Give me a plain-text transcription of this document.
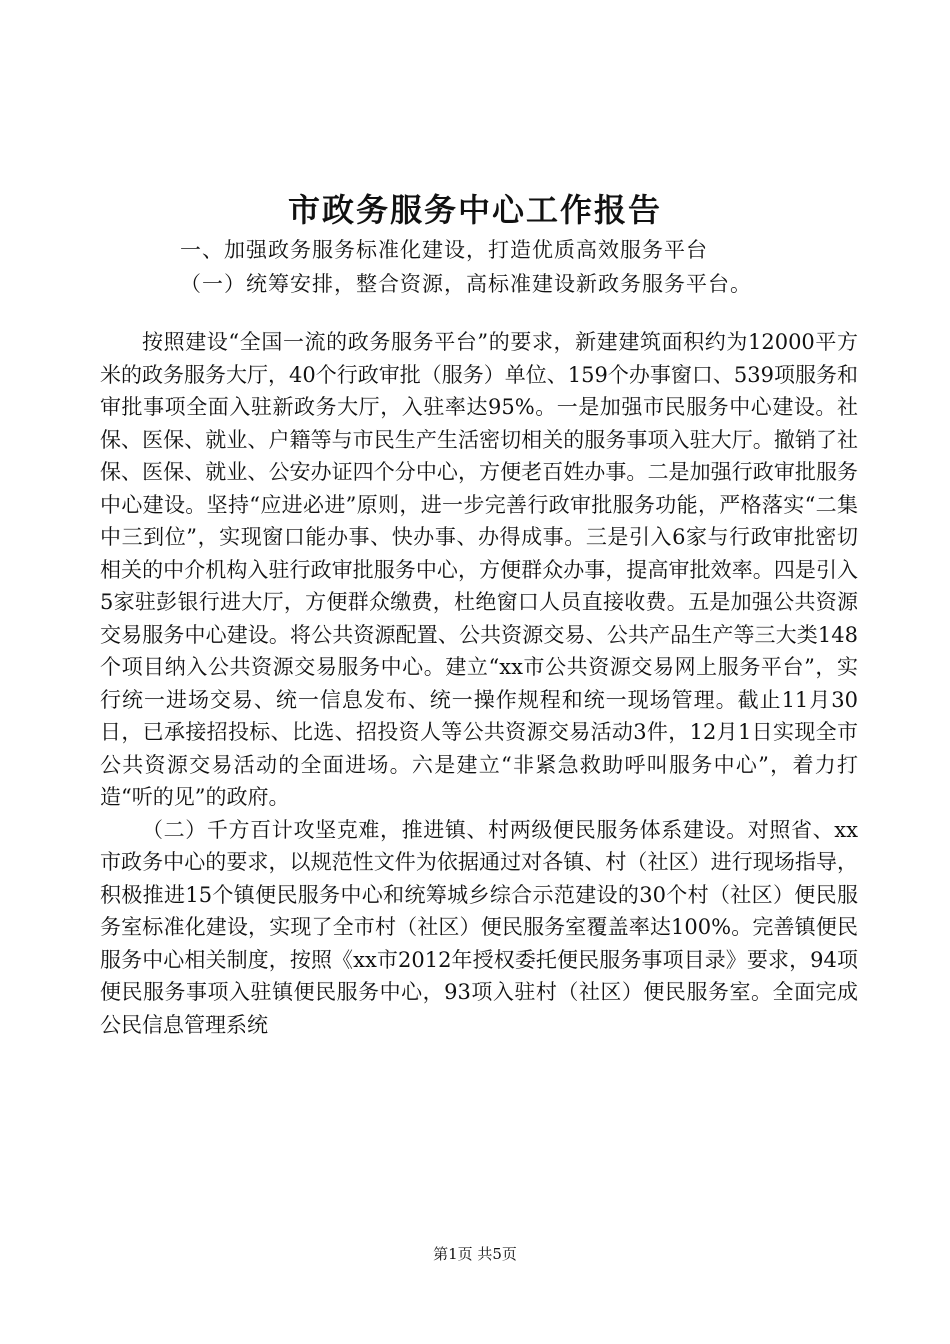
市政务服务中心工作报告
一、加强政务服务标准化建设，打造优质高效服务平台
（一）统筹安排，整合资源，高标准建设新政务服务平台。

按照建设“全国一流的政务服务平台”的要求，新建建筑面积约为12000平方米的政务服务大厅，40个行政审批（服务）单位、159个办事窗口、539项服务和审批事项全面入驻新政务大厅，入驻率达95%。一是加强市民服务中心建设。社保、医保、就业、户籍等与市民生产生活密切相关的服务事项入驻大厅。撤销了社保、医保、就业、公安办证四个分中心，方便老百姓办事。二是加强行政审批服务中心建设。坚持“应进必进”原则，进一步完善行政审批服务功能，严格落实“二集中三到位”，实现窗口能办事、快办事、办得成事。三是引入6家与行政审批密切相关的中介机构入驻行政审批服务中心，方便群众办事，提高审批效率。四是引入5家驻彭银行进大厅，方便群众缴费，杜绝窗口人员直接收费。五是加强公共资源交易服务中心建设。将公共资源配置、公共资源交易、公共产品生产等三大类148个项目纳入公共资源交易服务中心。建立“xx市公共资源交易网上服务平台”，实行统一进场交易、统一信息发布、统一操作规程和统一现场管理。截止11月30日，已承接招投标、比选、招投资人等公共资源交易活动3件，12月1日实现全市公共资源交易活动的全面进场。六是建立“非紧急救助呼叫服务中心”，着力打造“听的见”的政府。

（二）千方百计攻坚克难，推进镇、村两级便民服务体系建设。对照省、xx市政务中心的要求，以规范性文件为依据通过对各镇、村（社区）进行现场指导，积极推进15个镇便民服务中心和统筹城乡综合示范建设的30个村（社区）便民服务室标准化建设，实现了全市村（社区）便民服务室覆盖率达100%。完善镇便民服务中心相关制度，按照《xx市2012年授权委托便民服务事项目录》要求，94项便民服务事项入驻镇便民服务中心，93项入驻村（社区）便民服务室。全面完成公民信息管理系统

第1页 共5页
